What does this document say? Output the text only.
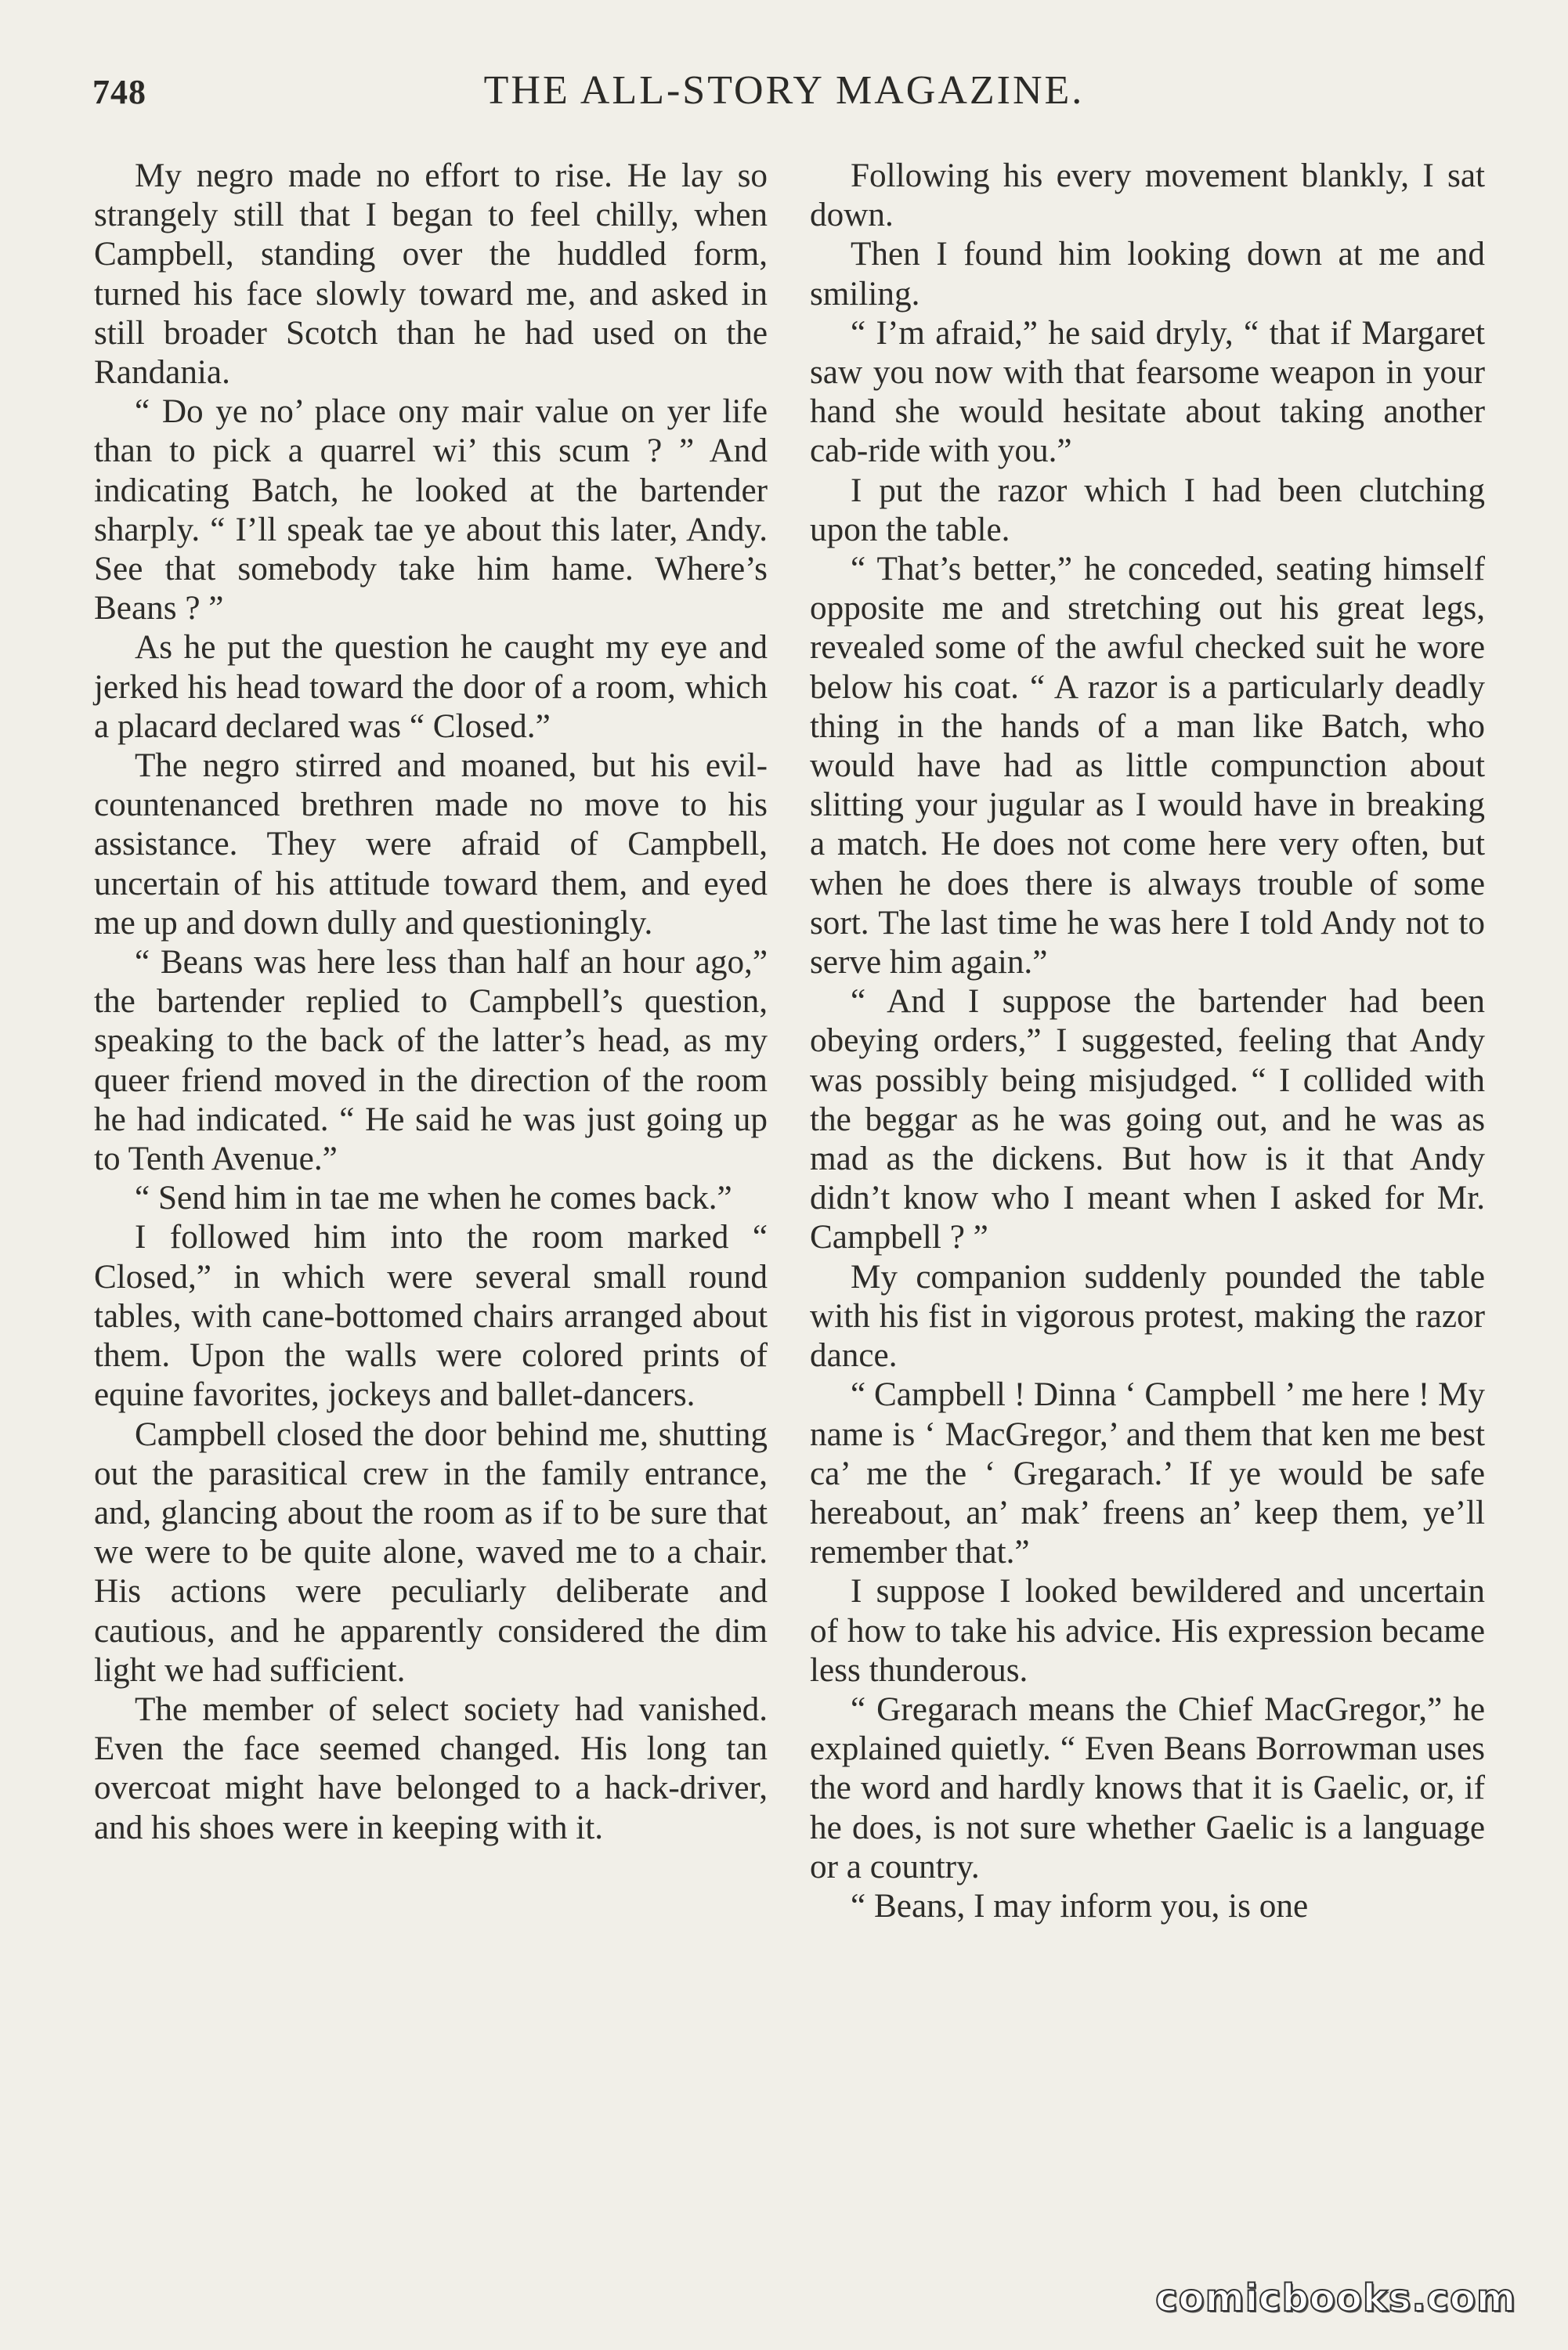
748	THE ALL-STORY MAGAZINE.

My negro made no effort to rise. He lay so strangely still that I began to feel chilly, when Campbell, standing over the huddled form, turned his face slowly toward me, and asked in still broader Scotch than he had used on the Randania.

“ Do ye no’ place ony mair value on yer life than to pick a quarrel wi’ this scum ? ” And indicating Batch, he looked at the bartender sharply. “ I’ll speak tae ye about this later, Andy. See that somebody take him hame. Where’s Beans ? ”

As he put the question he caught my eye and jerked his head toward the door of a room, which a placard declared was “ Closed.”

The negro stirred and moaned, but his evil-countenanced brethren made no move to his assistance. They were afraid of Campbell, uncertain of his attitude toward them, and eyed me up and down dully and questioningly.

“ Beans was here less than half an hour ago,” the bartender replied to Campbell’s question, speaking to the back of the latter’s head, as my queer friend moved in the direction of the room he had indicated. “ He said he was just going up to Tenth Avenue.”

“ Send him in tae me when he comes back.”

I followed him into the room marked “ Closed,” in which were several small round tables, with cane-bottomed chairs arranged about them. Upon the walls were colored prints of equine favorites, jockeys and ballet-dancers.

Campbell closed the door behind me, shutting out the parasitical crew in the family entrance, and, glancing about the room as if to be sure that we were to be quite alone, waved me to a chair. His actions were peculiarly deliberate and cautious, and he apparently considered the dim light we had sufficient.

The member of select society had vanished. Even the face seemed changed. His long tan overcoat might have belonged to a hack-driver, and his shoes were in keeping with it.

Following his every movement blankly, I sat down.

Then I found him looking down at me and smiling.

“ I’m afraid,” he said dryly, “ that if Margaret saw you now with that fearsome weapon in your hand she would hesitate about taking another cab-ride with you.”

I put the razor which I had been clutching upon the table.

“ That’s better,” he conceded, seating himself opposite me and stretching out his great legs, revealed some of the awful checked suit he wore below his coat. “ A razor is a particularly deadly thing in the hands of a man like Batch, who would have had as little compunction about slitting your jugular as I would have in breaking a match. He does not come here very often, but when he does there is always trouble of some sort. The last time he was here I told Andy not to serve him again.”

“ And I suppose the bartender had been obeying orders,” I suggested, feeling that Andy was possibly being misjudged. “ I collided with the beggar as he was going out, and he was as mad as the dickens. But how is it that Andy didn’t know who I meant when I asked for Mr. Campbell ? ”

My companion suddenly pounded the table with his fist in vigorous protest, making the razor dance.

“ Campbell ! Dinna ‘ Campbell ’ me here ! My name is ‘ MacGregor,’ and them that ken me best ca’ me the ‘ Gregarach.’ If ye would be safe hereabout, an’ mak’ freens an’ keep them, ye’ll remember that.”

I suppose I looked bewildered and uncertain of how to take his advice. His expression became less thunderous.

“ Gregarach means the Chief MacGregor,” he explained quietly. “ Even Beans Borrowman uses the word and hardly knows that it is Gaelic, or, if he does, is not sure whether Gaelic is a language or a country.

“ Beans, I may inform you, is one

comicbooks.com
